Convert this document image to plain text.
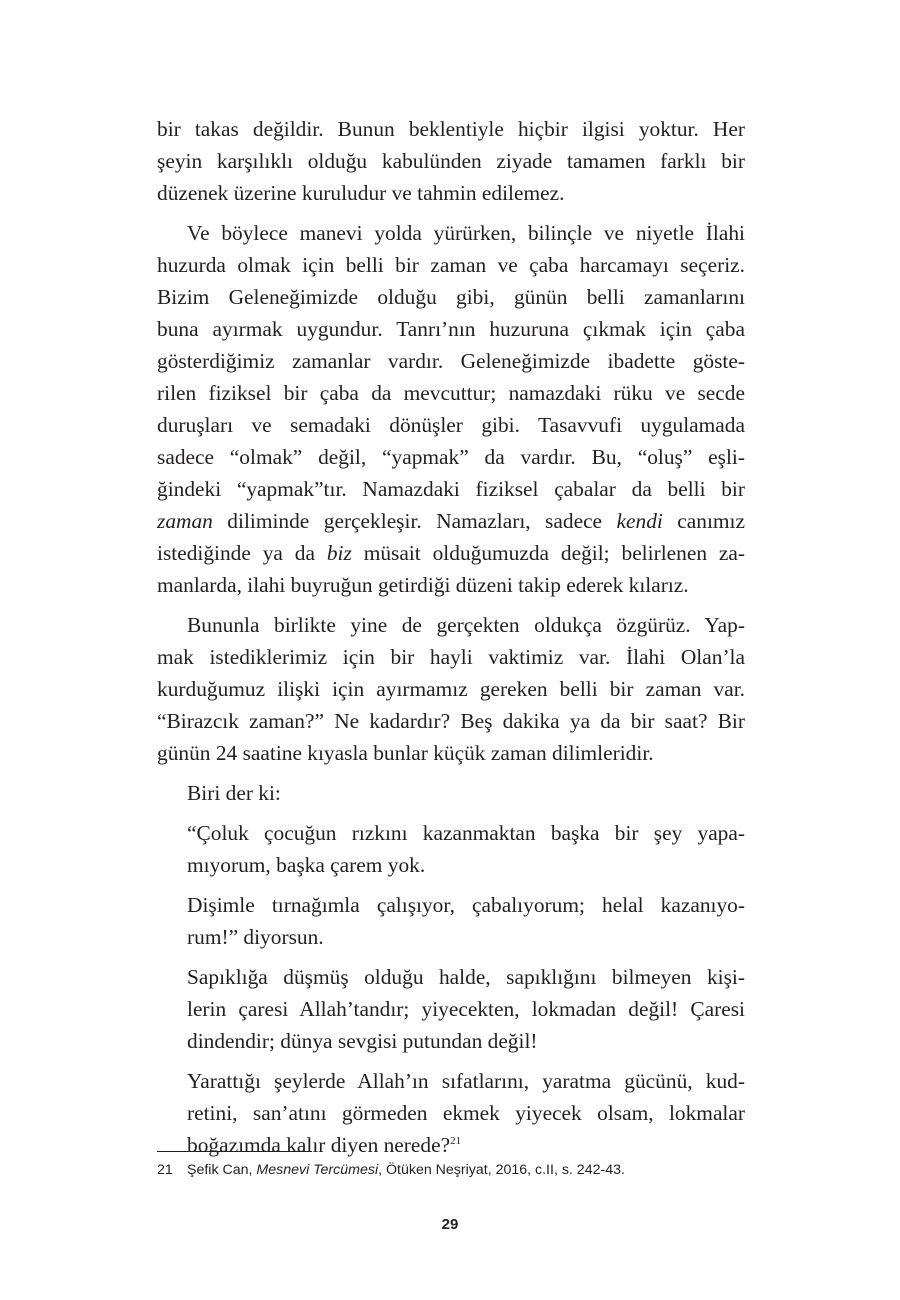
bir takas değildir. Bunun beklentiyle hiçbir ilgisi yoktur. Her
şeyin karşılıklı olduğu kabulünden ziyade tamamen farklı bir
düzenek üzerine kuruludur ve tahmin edilemez.

Ve böylece manevi yolda yürürken, bilinçle ve niyetle İlahi
huzurda olmak için belli bir zaman ve çaba harcamayı seçeriz.
Bizim Geleneğimizde olduğu gibi, günün belli zamanlarını
buna ayırmak uygundur. Tanrı’nın huzuruna çıkmak için çaba
gösterdiğimiz zamanlar vardır. Geleneğimizde ibadette göste-
rilen fiziksel bir çaba da mevcuttur; namazdaki rüku ve secde
duruşları ve semadaki dönüşler gibi. Tasavvufi uygulamada
sadece “olmak” değil, “yapmak” da vardır. Bu, “oluş” eşli-
ğindeki “yapmak”tır. Namazdaki fiziksel çabalar da belli bir
zaman diliminde gerçekleşir. Namazları, sadece kendi canımız
istediğinde ya da biz müsait olduğumuzda değil; belirlenen za-
manlarda, ilahi buyruğun getirdiği düzeni takip ederek kılarız.

Bununla birlikte yine de gerçekten oldukça özgürüz. Yap-
mak istediklerimiz için bir hayli vaktimiz var. İlahi Olan’la
kurduğumuz ilişki için ayırmamız gereken belli bir zaman var.
“Birazcık zaman?” Ne kadardır? Beş dakika ya da bir saat? Bir
günün 24 saatine kıyasla bunlar küçük zaman dilimleridir.

Biri der ki:

“Çoluk çocuğun rızkını kazanmaktan başka bir şey yapa-
mıyorum, başka çarem yok.

Dişimle tırnağımla çalışıyor, çabalıyorum; helal kazanıyo-
rum!” diyorsun.

Sapıklığa düşmüş olduğu halde, sapıklığını bilmeyen kişi-
lerin çaresi Allah’tandır; yiyecekten, lokmadan değil! Çaresi
dindendir; dünya sevgisi putundan değil!

Yarattığı şeylerde Allah’ın sıfatlarını, yaratma gücünü, kud-
retini, san’atını görmeden ekmek yiyecek olsam, lokmalar
boğazımda kalır diyen nerede?$^{21}$

21 Şefik Can, Mesnevi Tercümesi, Ötüken Neşriyat, 2016, c.II, s. 242-43.
29
